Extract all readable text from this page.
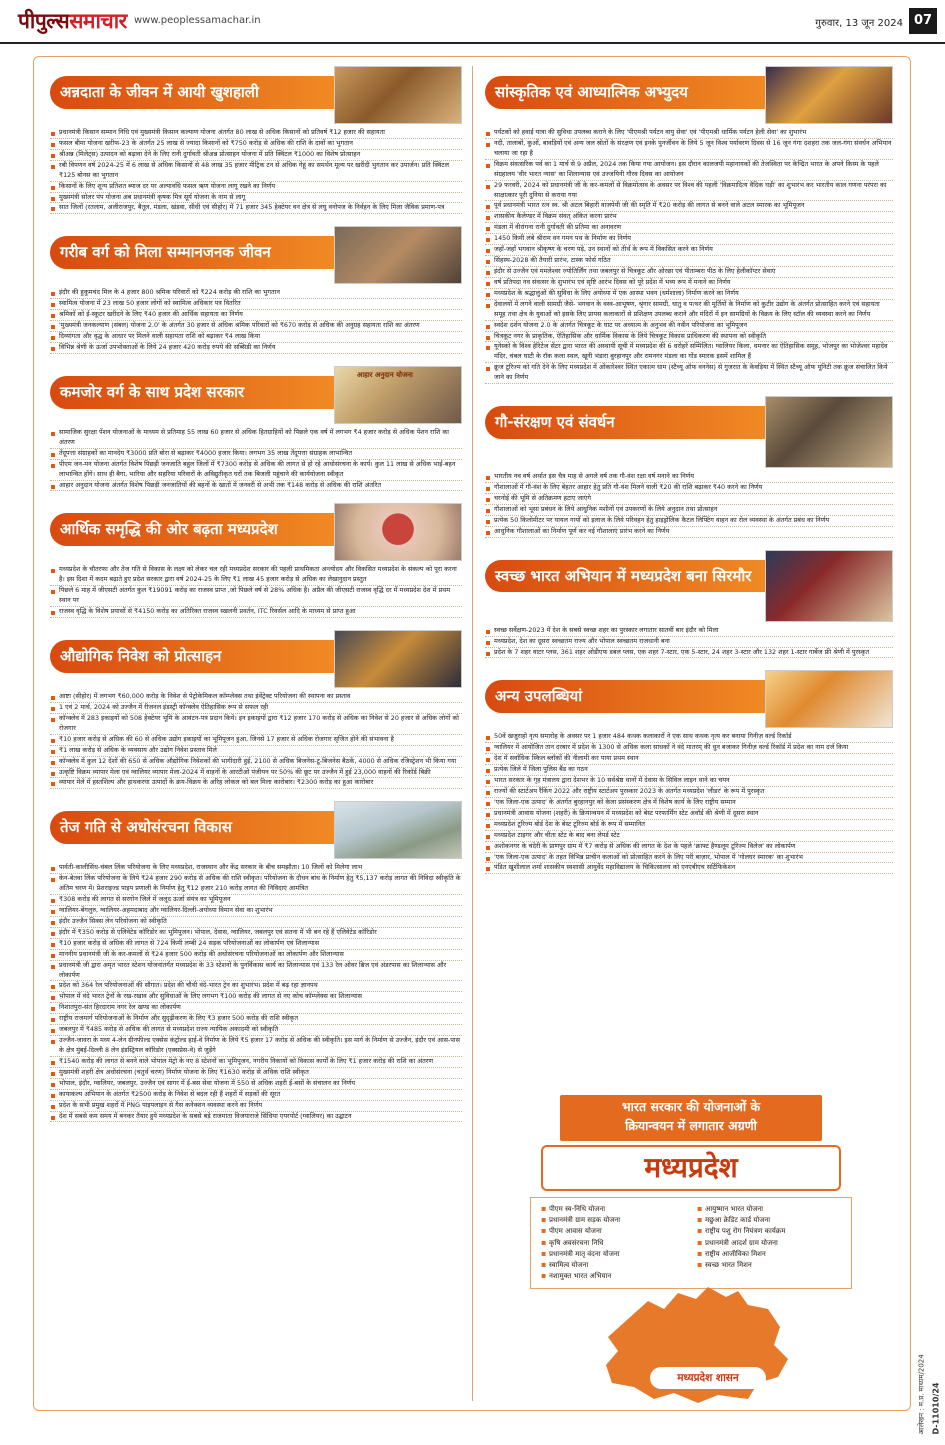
पीपुल्ससमाचार www.peoplessamachar.in	गुरुवार, 13 जून 2024 07
अन्नदाता के जीवन में आयी खुशहाली
प्रधानमंत्री किसान सम्मान निधि एवं मुख्यमंत्री किसान कल्याण योजना अंतर्गत 80 लाख से अधिक किसानों को प्रतिवर्ष ₹12 हजार की सहायता
फसल बीमा योजना खरीफ-23 के अंतर्गत 25 लाख से ज्यादा किसानों को ₹750 करोड़ से अधिक की राशि के दावों का भुगतान
श्रीअन्न (मिलेट्स) उत्पादन को बढ़ावा देने के लिए रानी दुर्गावती श्रीअन्न प्रोत्साहन योजना में प्रति क्विंटल ₹1000 का विशेष प्रोत्साहन
रबी विपणन वर्ष 2024-25 में 6 लाख से अधिक किसानों से 48 लाख 35 हजार मीट्रिक टन से अधिक गेहूं का समर्थन मूल्य पर खरीदी भुगतान कर उपार्जन। प्रति क्विंटल ₹125 बोनस का भुगतान
किसानों के लिए शून्य प्रतिशत ब्याज दर पर अल्पावधि फसल ऋण योजना लागू रखने का निर्णय
मुख्यमंत्री सोलर पंप योजना अब प्रधानमंत्री कृषक मित्र सूर्य योजना के नाम से लागू
सात जिलों (रतलाम, अलीराजपुर, बैतूल, मंडला, खंडवा, सीधी एवं सीहोर) में 71 हजार 345 हेक्टेयर वन क्षेत्र से लघु वनोपज के निर्वहन के लिए मिला जैविक प्रमाण-पत्र
गरीब वर्ग को मिला सम्मानजनक जीवन
इंदौर की हुकुमचंद मिल के 4 हजार 800 श्रमिक परिवारों को ₹224 करोड़ की राशि का भुगतान
स्वामित्व योजना में 23 लाख 50 हजार लोगों को स्वामित्व अधिकार पत्र वितरित
श्रमिकों को ई-स्कूटर खरीदने के लिए ₹40 हजार की आर्थिक सहायता का निर्णय
'मुख्यमंत्री जनकल्याण (संबल) योजना 2.0' के अंतर्गत 30 हजार से अधिक श्रमिक परिवारों को ₹670 करोड़ से अधिक की अनुग्रह सहायता राशि का अंतरण
दिव्यांगता और वृद्ध के आधार पर मिलने वाली सहायता राशि को बढ़ाकर ₹4 लाख किया
विभिन्न श्रेणी के ऊर्जा उपभोक्ताओं के लिये 24 हजार 420 करोड़ रुपये की सब्सिडी का निर्णय
कमजोर वर्ग के साथ प्रदेश सरकार
आहार अनुदान योजना
सामाजिक सुरक्षा पेंशन योजनाओं के माध्यम से प्रतिमाह 55 लाख 60 हजार से अधिक हितग्राहियों को पिछले एक वर्ष में लगभग ₹4 हजार करोड़ से अधिक पेंशन राशि का अंतरण
तेंदूपत्ता संग्राहकों का मानदेय ₹3000 प्रति बोरा से बढ़ाकर ₹4000 हजार किया। लगभग 35 लाख तेंदूपत्ता संग्राहक लाभान्वित
पीएम जन-मन योजना अंतर्गत विशेष पिछड़ी जनजाति बहुल जिलों में ₹7300 करोड़ से अधिक की लागत से हो रहे आधोसंरचना के कार्य। कुल 11 लाख से अधिक भाई-बहन लाभान्वित होंगे। साथ ही बैगा, भारिया और सहरिया परिवारों के अविद्युतीकृत घरों तक बिजली पहुंचाने की कार्ययोजना स्वीकृत
आहार अनुदान योजना अंतर्गत विशेष पिछड़ी जनजातियों की बहनों के खातों में जनवरी से अभी तक ₹148 करोड़ से अधिक की राशि अंतरित
आर्थिक समृद्धि की ओर बढ़ता मध्यप्रदेश
मध्यप्रदेश के चौतरफा और तेज गति से विकास के लक्ष्य को लेकर चल रही मध्यप्रदेश सरकार की पहली प्राथमिकता अन्त्योदय और विकसित मध्यप्रदेश के संकल्प को पूरा करना है। इस दिशा में कदम बढ़ाते हुए प्रदेश सरकार द्वारा वर्ष 2024-25 के लिए ₹1 लाख 45 हजार करोड़ से अधिक का लेखानुदान प्रस्तुत
पिछले 6 माह में जीएसटी अंतर्गत कुल ₹19091 करोड़ का राजस्व प्राप्त ,जो पिछले वर्ष से 28% अधिक है। अप्रैल की जीएसटी राजस्व वृद्धि दर में मध्यप्रदेश देश में प्रथम स्थान पर
राजस्व वृद्धि के विशेष प्रयासों से ₹4150 करोड़ का अतिरिक्त राजस्व स्खलनी प्रवर्तन, ITC रिवर्सल आदि के माध्यम से प्राप्त हुआ
औद्योगिक निवेश को प्रोत्साहन
आष्टा (सीहोर) में लगभग ₹60,000 करोड़ के निवेश से पेट्रोकेमिकल कॉम्प्लेक्स तथा इंवेंट्रेक्ट परियोजना की स्थापना का प्रस्ताव
1 एवं 2 मार्च, 2024 को उज्जैन में रीजनल इंडस्ट्री कॉन्क्लेव ऐतिहासिक रूप से सफल रही
कॉन्क्लेव में 283 इकाइयों को 508 हेक्टेयर भूमि के आवंटन-पत्र प्रदान किये। इन इकाइयों द्वारा ₹12 हजार 170 करोड़ से अधिक का निवेश से 20 हजार से अधिक लोगों को रोजगार
₹10 हजार करोड़ से अधिक की 60 से अधिक उद्योग इकाइयों का भूमिपूजन हुआ, जिनसे 17 हजार से अधिक रोजगार सृजित होने की संभावना है
₹1 लाख करोड़ से अधिक के व्यवसाय और उद्योग निवेश प्रस्ताव मिले
कॉन्क्लेव में कुल 12 देशों की 650 से अधिक औद्योगिक निवेशकों की भागीदारी हुई, 2100 से अधिक बिजनेस-टू-बिजनेस बैठकें, 4000 से अधिक रजिस्ट्रेशन भी किया गया
उत्कृष्टि विक्रम व्यापार मेला एवं ग्वालियर व्यापार मेला-2024 में वाहनों के आरटीओ पंजीयन पर 50% की छूट पर उज्जैन में हुई 23,000 वाहनों की रिकॉर्ड बिक्री
व्यापार मेले में हस्तशिल्प और हाथकरघा उत्पादों के क्रय-विक्रय के अरिह लोकल को बल मिला कारोबार। ₹2300 करोड़ का हुआ कारोबार
तेज गति से अधोसंरचना विकास
पार्वती-कालीसिंध-चंबल लिंक परियोजना के लिए मध्यप्रदेश, राजस्थान और केंद्र सरकार के बीच समझौता। 10 जिलों को मिलेगा लाभ
केन-बेतवा लिंक परियोजना के लिये ₹24 हजार 290 करोड़ से अधिक की राशि स्वीकृत। परियोजना के दौधन बांध के निर्माण हेतु ₹5,137 करोड़ लागत की निविदा स्वीकृति के अंतिम चरण में। प्रेशराइज्ड पाइप प्रणाली के निर्माण हेतु ₹12 हजार 210 करोड़ लागत की निविदाएं आमंत्रित
₹308 करोड़ की लागत से सरगोन जिले में जलूद ऊर्जा संयंत्र का भूमिपूजन
ग्वालियर-बेंगलुरु, ग्वालियर-अहमदाबाद और ग्वालियर-दिल्ली-अयोध्या विमान सेवा का शुभारंभ
इंदौर उज्जैन सिक्स लेन परियोजना को स्वीकृति
इंदौर में ₹350 करोड़ से एलिवेटेड कॉरिडोर का भूमिपूजन। भोपाल, देवास, ग्वालियर, जबलपुर एवं सतना में भी बन रहे हैं एलिवेटेड कॉरिडोर
₹10 हजार करोड़ से अधिक की लागत से 724 किमी लम्बी 24 सड़क परियोजनाओं का लोकार्पण एवं शिलान्यास
माननीय प्रधानमंत्री जी के कर-कमलों से ₹24 हजार 500 करोड़ की अधोसंरचना परियोजनाओं का लोकार्पण और शिलान्यास
प्रधानमंत्री जी द्वारा अमृत भारत स्टेशन योजनांतर्गत मध्यप्रदेश के 33 स्टेशनों के पुनर्विकास कार्य का शिलान्यास एवं 133 रेल ओवर ब्रिज एवं अंडरपास का शिलान्यास और लोकार्पण
प्रदेश को 364 रेल परियोजनाओं की सौगात। प्रदेश की चौथी वंदे-भारत ट्रेन का शुभारंभ। प्रदेश में बढ़ रहा ज्ञानपथ
भोपाल में वंदे भारत ट्रेनों के रख-रखाव और सुविधाओं के लिए लगभग ₹100 करोड़ की लागत से नए कोच कॉम्प्लेक्स का शिलान्यास
निशातपुरा-संत हिरदाराम नगर रेल खण्ड का लोकार्पण
राष्ट्रीय राजमार्ग परियोजनाओं के निर्माण और सुदृढ़ीकरण के लिए ₹3 हजार 500 करोड़ की राशि स्वीकृत
जबलपुर में ₹485 करोड़ से अधिक की लागत से मध्यप्रदेश राज्य न्यायिक अकादमी को स्वीकृति
उज्जैन-जावरा के मध्य 4-लेन ग्रीनफील्ड एक्सेस कंट्रोल्ड हाई-वे निर्माण के लिये ₹5 हजार 17 करोड़ से अधिक की स्वीकृति। इस मार्ग के निर्माण से उज्जैन, इंदौर एवं आस-पास के क्षेत्र मुंबई-दिल्ली 8 लेन इंडस्ट्रियल कॉरिडोर (एक्सप्रेस-वे) से जुड़ेंगे
₹1540 करोड़ की लागत से बनने वाले भोपाल मेट्रो के नए 8 स्टेशनों का भूमिपूजन, नगरीय निकायों को विकास कार्यों के लिए ₹1 हजार करोड़ की राशि का अंतरण
मुख्यमंत्री शहरी क्षेत्र अधोसंरचना (चतुर्थ चरण) निर्माण योजना के लिए ₹1630 करोड़ से अधिक राशि स्वीकृत
भोपाल, इंदौर, ग्वालियर, जबलपुर, उज्जैन एवं सागर में ई-बस सेवा योजना में 550 से अधिक शहरी ई-बसों के संचालन का निर्णय
कायाकल्प अभियान के अंतर्गत ₹2500 करोड़ के निवेश से बदल रही हैं शहरों में सड़कों की सूरत
प्रदेश के सभी प्रमुख शहरों में PNG पाइपलाइन से गैस कनेक्शन व्यवस्था करने का निर्णय
देश में सबसे कम समय में बनकर तैयार हुये मध्यप्रदेश के सबसे बड़े राजमाता विजयाराजे सिंधिया एयरपोर्ट (ग्वालियर) का उद्घाटन
सांस्कृतिक एवं आध्यात्मिक अभ्युदय
पर्यटकों को हवाई यात्रा की सुविधा उपलब्ध कराने के लिए 'पीएमश्री पर्यटन वायु सेवा' एवं 'पीएमश्री धार्मिक पर्यटन हेली सेवा' का शुभारंभ
नदी, तालाबों, कुओं, बावड़ियों एवं अन्य जल स्रोतों के संरक्षण एवं इनके पुनर्जीवन के लिये 5 जून विश्व पर्यावरण दिवस से 16 जून गंगा दशहरा तक जल-गंगा संवर्धन अभियान चलाया जा रहा है
विक्रम संवत्सरिक पर्व का 1 मार्च से 9 अप्रैल, 2024 तक किया गया आयोजन। इस दौरान कालजयी महानायकों की तेजस्विता पर केन्द्रित भारत के अपने किस्म के पहले संग्रहालय 'वीर भारत न्यास' का शिलान्यास एवं उज्जयिनी गौरव दिवस का आयोजन
29 फरवरी, 2024 को प्रधानमंत्री जी के कर-कमलों से विक्रमोत्सव के अवसर पर विश्व की पहली 'विक्रमादित्य वैदिक घड़ी' का शुभारंभ कर भारतीय काल गणना परंपरा का साक्षात्कार पूरी दुनिया से कराया गया
पूर्व प्रधानमंत्री भारत रत्न स्व. श्री अटल बिहारी वाजपेयी जी की स्मृति में ₹20 करोड़ की लागत से बनने वाले अटल स्मारक का भूमिपूजन
शासकीय कैलेण्डर में विक्रम संवत् अंकित करना प्रारंभ
मंडला में वीरांगना रानी दुर्गावती की प्रतिमा का अनावरण
1450 किमी लंबे श्रीराम वन गमन पथ के निर्माण का निर्णय
जहाँ-जहाँ भगवान श्रीकृष्ण के चरण पड़े, उन स्थानों को तीर्थ के रूप में विकसित करने का निर्णय
सिंहस्थ-2028 की तैयारी प्रारंभ, टास्क फोर्स गठित
इंदौर से उज्जैन एवं ममलेश्वर ज्योतिर्लिंग तथा जबलपुर से चित्रकूट और ओरछा एवं पीताम्बरा पीठ के लिए हेलीकॉप्टर सेवाएं
वर्ष प्रतिपदा नव संवत्सर के शुभारंभ एवं सृष्टि आरंभ दिवस को पूरे प्रदेश में भव्य रूप में मनाने का निर्णय
मध्यप्रदेश के श्रद्धालुओं की सुविधा के लिए अयोध्या में एक आस्था भवन (धर्मशाला) निर्माण करने का निर्णय
देवालयों में लगने वाली सामग्री जैसे- भगवान के वस्त्र-आभूषण, श्रृंगार सामग्री, धातु व पत्थर की मूर्तियों के निर्माण को कुटीर उद्योग के अंतर्गत प्रोत्साहित करने एवं सहायता समूह तथा क्षेत्र के युवाओं को इसके लिए प्रायस कलाकारों से प्रशिक्षण उपलब्ध कराने और मंदिरों में इन सामग्रियों के विक्रय के लिए स्टॉल की व्यवस्था करने का निर्णय
स्वदेश दर्शन योजना 2.0 के अंतर्गत चित्रकूट के घाट पर अध्यात्म के अनुभव की नवीन परियोजना का भूमिपूजन
चित्रकूट नगर के प्राकृतिक, ऐतिहासिक और धार्मिक विकास के लिये चित्रकूट विकास प्राधिकरण की स्थापना को स्वीकृति
यूनेस्को के विश्व हेरिटेज सेंटर द्वारा भारत की अस्थायी सूची में मध्यप्रदेश की 6 धरोहरें सम्मिलित। ग्वालियर किला, धमनार का ऐतिहासिक समूह, भोजपुर का भोजेश्वर महादेव मंदिर, चंबल घाटी के रॉक कला स्थल, खूनी भंडारा बुरहानपुर और रामनगर मंडला का गोंड स्मारक इसमें शामिल हैं
क्रूज टूरिज्म को गति देने के लिए मध्यप्रदेश में ओंकारेश्वर स्थित एकात्म धाम (स्टैच्यू ऑफ वननेस) से गुजरात के केवड़िया में स्थित स्टैच्यू ऑफ यूनिटी तक क्रूज संचालित किये जाने का निर्णय
गौ-संरक्षण एवं संवर्धन
भारतीय नव वर्ष अर्थात इस चैत्र माह से अगले वर्ष तक गौ-वंश रक्षा वर्ष मनाने का निर्णय
गौशालाओं में गौ-वंश के लिए बेहतर आहार हेतु प्रति गौ-वंश मिलने वाली ₹20 की राशि बढ़ाकर ₹40 करने का निर्णय
चरनोई की भूमि से अतिक्रमण हटाए जाएंगे
गौशालाओं को भूसा प्रबंधन के लिये आधुनिक मशीनों एवं उपकरणों के लिये अनुदान तथा प्रोत्साहन
प्रत्येक 50 किलोमीटर पर घायल गायों को इलाज के लिये परिवहन हेतु हाइड्रोलिक कैटल लिफ्टिंग वाहन का रोल व्यवस्था के अंतर्गत प्रबंध का निर्णय
आधुनिक गौशालाओं का निर्माण पूर्ण कर नई गौशालाएं प्रारंभ करने का निर्णय
स्वच्छ भारत अभियान में मध्यप्रदेश बना सिरमौर
स्वच्छ सर्वेक्षण-2023 में देश के सबसे स्वच्छ शहर का पुरस्कार लगातार सातवीं बार इंदौर को मिला
मध्यप्रदेश, देश का दूसरा स्वच्छतम राज्य और भोपाल स्वच्छतम राजधानी बना
प्रदेश के 7 शहर वाटर प्लस, 361 शहर ओडीएफ डबल प्लस, एक शहर 7-स्टार, एक 5-स्टार, 24 शहर 3-स्टार और 132 शहर 1-स्टार गार्बेज फ्री श्रेणी में पुरस्कृत
अन्य उपलब्धियां
50वें खजुराहो नृत्य समारोह के अवसर पर 1 हजार 484 कथक कलाकारों ने एक साथ कथक नृत्य कर बनाया गिनीज़ वर्ल्ड रिकॉर्ड
ग्वालियर में आयोजित तान दरबार में प्रदेश के 1300 से अधिक कला साधकों ने वंदे मातरम् की धुन बजाकर गिनीज़ वर्ल्ड रिकॉर्ड में प्रदेश का नाम दर्ज किया
देश में सर्वाधिक स्किल ब्लॉकों की नीलामी कर पाया प्रथम स्थान
प्रत्येक जिले में जिला पुलिस बैंड का गठन
भारत सरकार के गृह मंत्रालय द्वारा देशभर के 10 सर्वश्रेष्ठ थानों में देवास के सिविल लाइन थाने का चयन
राज्यों की स्टार्टअप रैंकिंग 2022 और राष्ट्रीय स्टार्टअप पुरस्कार 2023 के अंतर्गत मध्यप्रदेश 'लीडर' के रूप में पुरस्कृत
'एक जिला-एक उत्पाद' के अंतर्गत बुरहानपुर को केला प्रसंस्करण क्षेत्र में विशेष कार्य के लिए राष्ट्रीय सम्मान
प्रधानमंत्री आवास योजना (शहरी) के क्रियान्वयन में मध्यप्रदेश को बेस्ट परफार्मिंग स्टेट अवॉर्ड की श्रेणी में दूसरा स्थान
मध्यप्रदेश टूरिज्म बोर्ड देश के बेस्ट टूरिज्म बोर्ड के रूप में सम्मानित
मध्यप्रदेश टाइगर और चीता स्टेट के बाद बना लेपर्ड स्टेट
अशोकनगर के चंदेरी के प्राणपुर ग्राम में ₹7 करोड़ से अधिक की लागत के देश के पहले 'क्राफ्ट हैण्डलूम टूरिज्म विलेज' का लोकार्पण
'एक जिला-एक उत्पाद' के तहत विभिन्न प्राचीन कलाओं को प्रोत्साहित करने के लिए परी बाज़ार, भोपाल में 'गोलघर स्मारक' का शुभारंभ
पंडित खुशीलाल शर्मा शासकीय स्वशासी आयुर्वेद महाविद्यालय के चिकित्सालय को एनएबीएच सर्टिफिकेशन
भारत सरकार की योजनाओं के
क्रियान्वयन में लगातार अग्रणी
मध्यप्रदेश
▪ पीएम स्व-निधि योजना
▪ प्रधानमंत्री ग्राम सड़क योजना
▪ पीएम आवास योजना
▪ कृषि अवसंरचना निधि
▪ प्रधानमंत्री मातृ वंदना योजना
▪ स्वामित्व योजना
▪ नशामुक्त भारत अभियान
▪ आयुष्मान भारत योजना
▪ मछुआ क्रेडिट कार्ड योजना
▪ राष्ट्रीय पशु रोग नियंत्रण कार्यक्रम
▪ प्रधानमंत्री आदर्श ग्राम योजना
▪ राष्ट्रीय आजीविका मिशन
▪ स्वच्छ भारत मिशन
मध्यप्रदेश शासन	आलेखन : म.प्र. माध्यम/2024 D-11010/24
